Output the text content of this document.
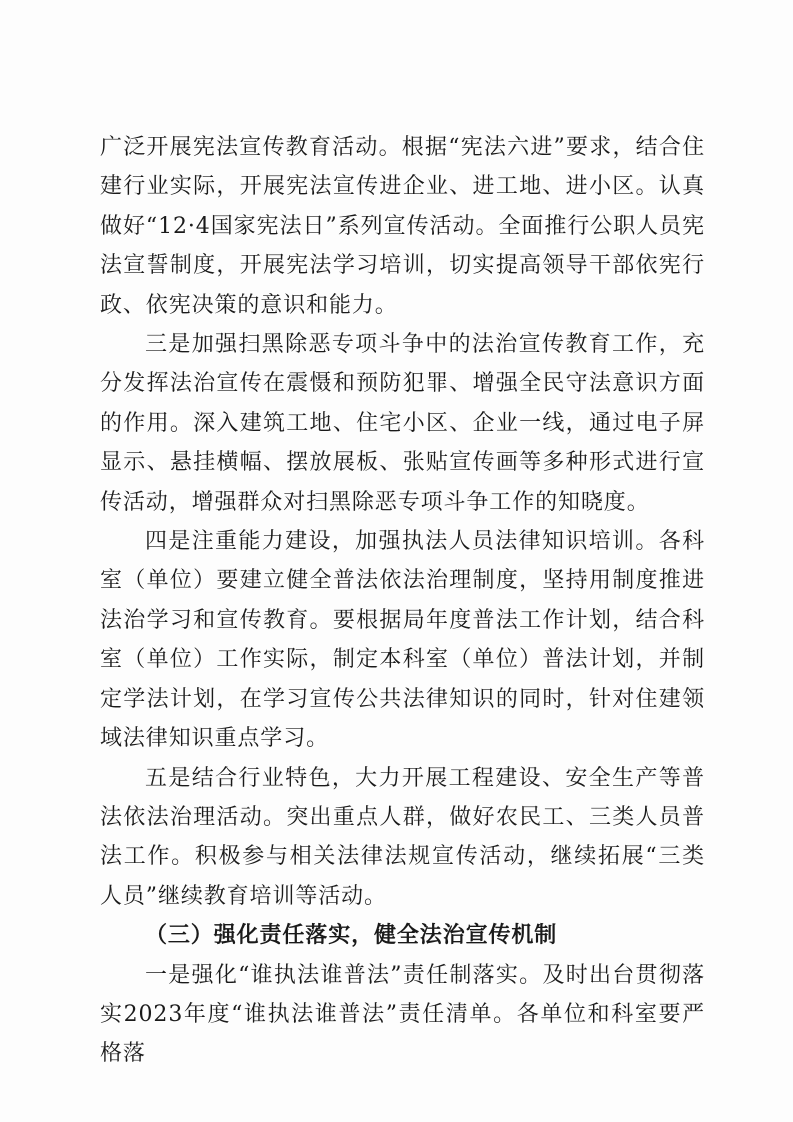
广泛开展宪法宣传教育活动。根据“宪法六进”要求，结合住建行业实际，开展宪法宣传进企业、进工地、进小区。认真做好“12·4国家宪法日”系列宣传活动。全面推行公职人员宪法宣誓制度，开展宪法学习培训，切实提高领导干部依宪行政、依宪决策的意识和能力。

三是加强扫黑除恶专项斗争中的法治宣传教育工作，充分发挥法治宣传在震慑和预防犯罪、增强全民守法意识方面的作用。深入建筑工地、住宅小区、企业一线，通过电子屏显示、悬挂横幅、摆放展板、张贴宣传画等多种形式进行宣传活动，增强群众对扫黑除恶专项斗争工作的知晓度。

四是注重能力建设，加强执法人员法律知识培训。各科室（单位）要建立健全普法依法治理制度，坚持用制度推进法治学习和宣传教育。要根据局年度普法工作计划，结合科室（单位）工作实际，制定本科室（单位）普法计划，并制定学法计划，在学习宣传公共法律知识的同时，针对住建领域法律知识重点学习。

五是结合行业特色，大力开展工程建设、安全生产等普法依法治理活动。突出重点人群，做好农民工、三类人员普法工作。积极参与相关法律法规宣传活动，继续拓展“三类人员”继续教育培训等活动。

（三）强化责任落实，健全法治宣传机制

一是强化“谁执法谁普法”责任制落实。及时出台贯彻落实2023年度“谁执法谁普法”责任清单。各单位和科室要严格落
